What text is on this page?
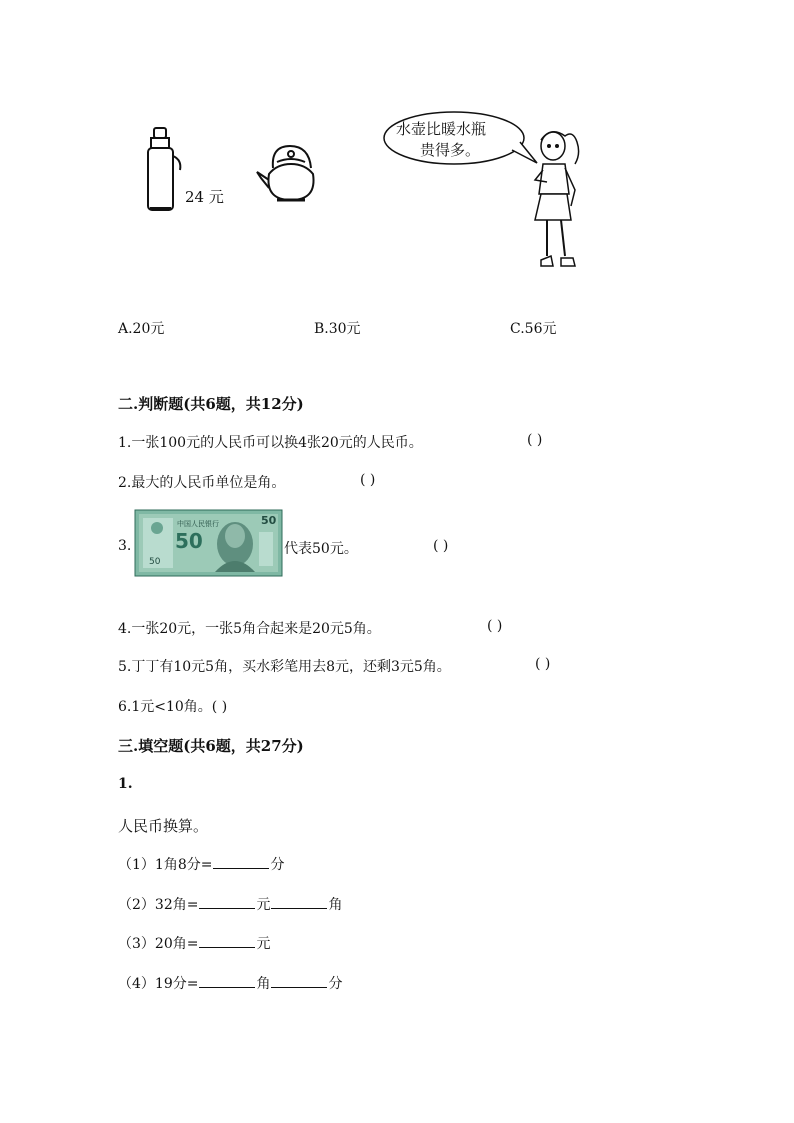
24 元
水壶比暖水瓶
贵得多。
A.20元	B.30元	C.56元
二.判断题(共6题，共12分)
1.一张100元的人民币可以换4张20元的人民币。	( )
2.最大的人民币单位是角。	( )
3.
50
中国人民银行
50
50
代表50元。	( )
4.一张20元，一张5角合起来是20元5角。	( )
5.丁丁有10元5角，买水彩笔用去8元，还剩3元5角。	( )
6.1元<10角。( )
三.填空题(共6题，共27分)
1.
人民币换算。
（1）1角8分=	分
（2）32角=	元	角
（3）20角=	元
（4）19分=	角	分
